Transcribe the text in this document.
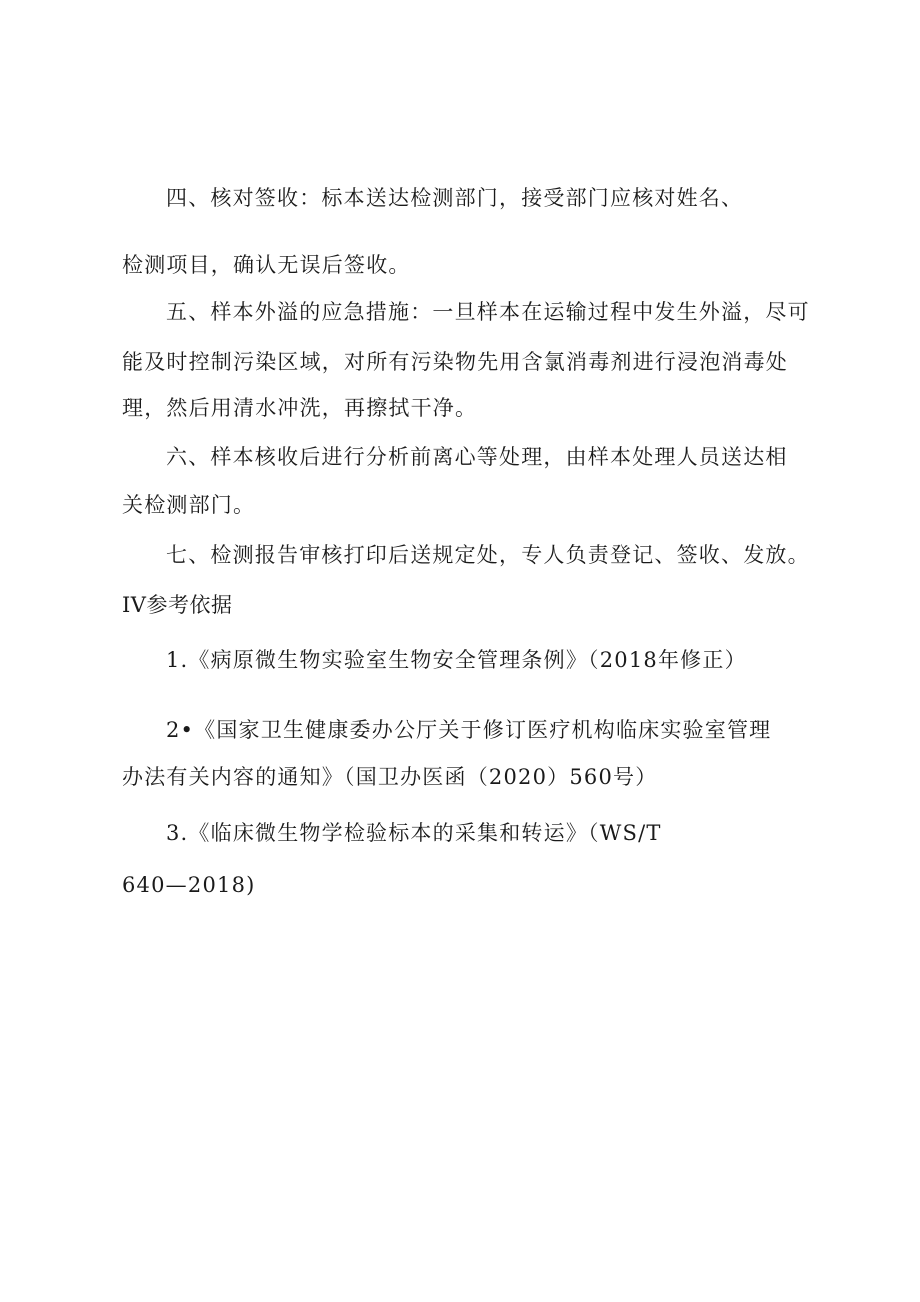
四、核对签收：标本送达检测部门，接受部门应核对姓名、
检测项目，确认无误后签收。
五、样本外溢的应急措施：一旦样本在运输过程中发生外溢，尽可
能及时控制污染区域，对所有污染物先用含氯消毒剂进行浸泡消毒处
理，然后用清水冲洗，再擦拭干净。
六、样本核收后进行分析前离心等处理，由样本处理人员送达相
关检测部门。
七、检测报告审核打印后送规定处，专人负责登记、签收、发放。
IV参考依据
1.《病原微生物实验室生物安全管理条例》（2018年修正）
2•《国家卫生健康委办公厅关于修订医疗机构临床实验室管理
办法有关内容的通知》（国卫办医函（2020）560号）
3.《临床微生物学检验标本的采集和转运》（WS/T
640—2018)
